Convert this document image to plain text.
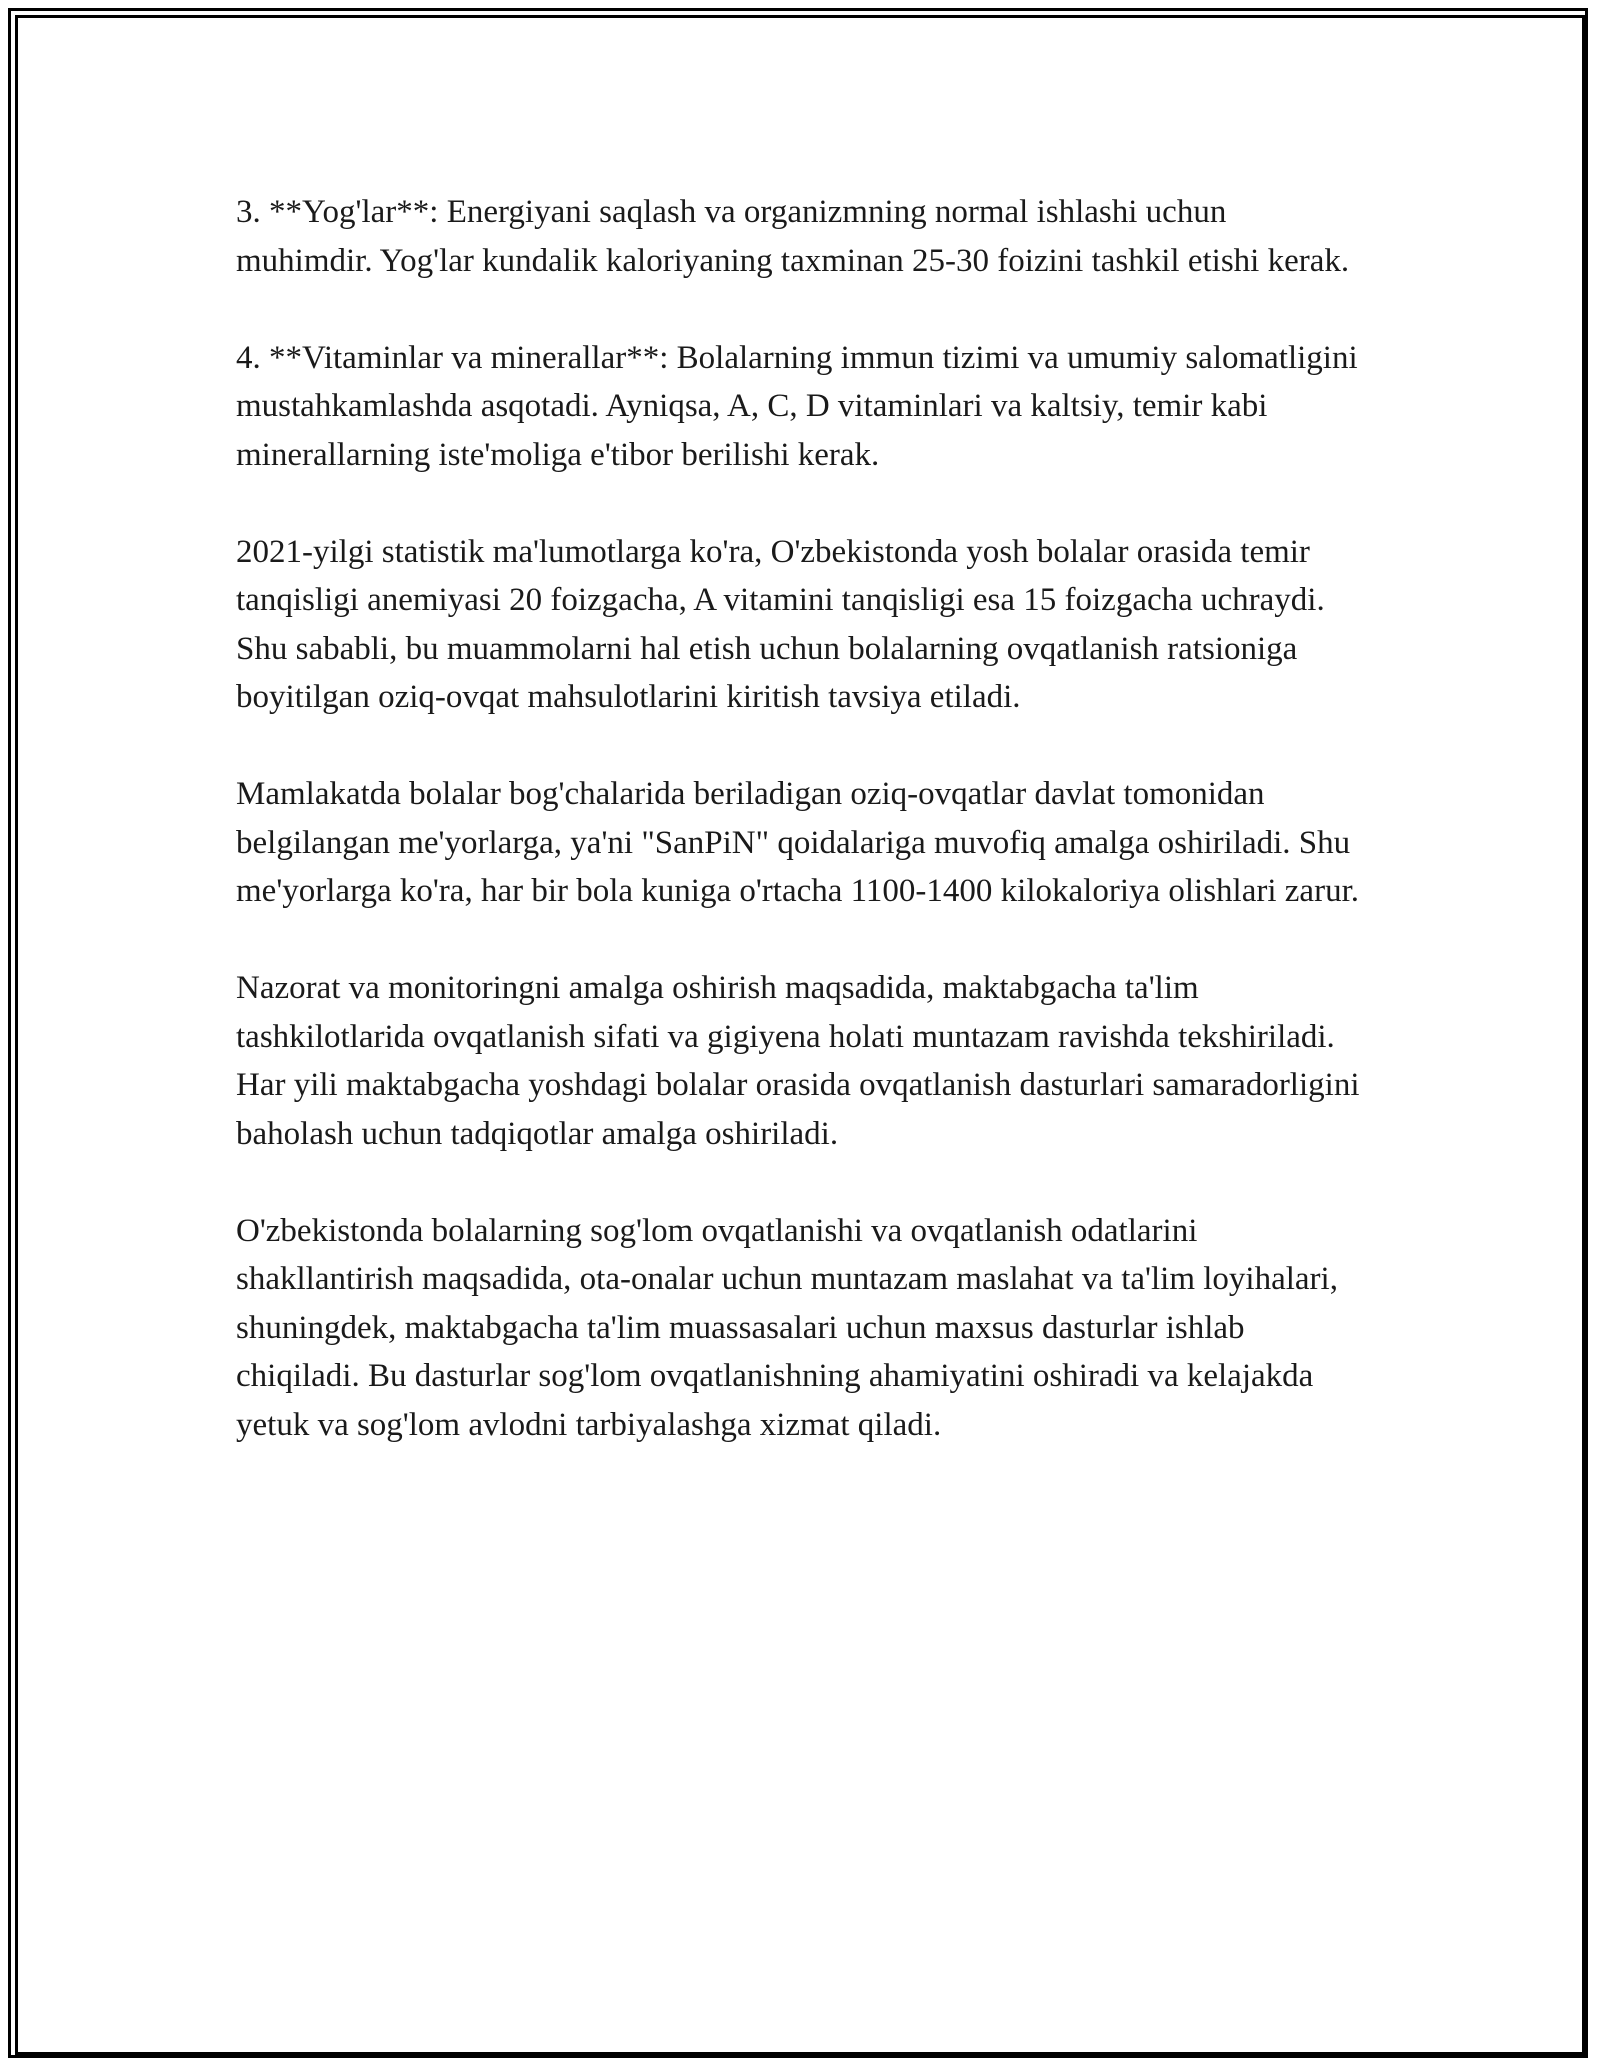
3. **Yog'lar**: Energiyani saqlash va organizmning normal ishlashi uchun muhimdir. Yog'lar kundalik kaloriyaning taxminan 25-30 foizini tashkil etishi kerak.

4. **Vitaminlar va minerallar**: Bolalarning immun tizimi va umumiy salomatligini mustahkamlashda asqotadi. Ayniqsa, A, C, D vitaminlari va kaltsiy, temir kabi minerallarning iste'moliga e'tibor berilishi kerak.

2021-yilgi statistik ma'lumotlarga ko'ra, O'zbekistonda yosh bolalar orasida temir tanqisligi anemiyasi 20 foizgacha, A vitamini tanqisligi esa 15 foizgacha uchraydi. Shu sababli, bu muammolarni hal etish uchun bolalarning ovqatlanish ratsioniga boyitilgan oziq-ovqat mahsulotlarini kiritish tavsiya etiladi.

Mamlakatda bolalar bog'chalarida beriladigan oziq-ovqatlar davlat tomonidan belgilangan me'yorlarga, ya'ni "SanPiN" qoidalariga muvofiq amalga oshiriladi. Shu me'yorlarga ko'ra, har bir bola kuniga o'rtacha 1100-1400 kilokaloriya olishlari zarur.

Nazorat va monitoringni amalga oshirish maqsadida, maktabgacha ta'lim tashkilotlarida ovqatlanish sifati va gigiyena holati muntazam ravishda tekshiriladi. Har yili maktabgacha yoshdagi bolalar orasida ovqatlanish dasturlari samaradorligini baholash uchun tadqiqotlar amalga oshiriladi.

O'zbekistonda bolalarning sog'lom ovqatlanishi va ovqatlanish odatlarini shakllantirish maqsadida, ota-onalar uchun muntazam maslahat va ta'lim loyihalari, shuningdek, maktabgacha ta'lim muassasalari uchun maxsus dasturlar ishlab chiqiladi. Bu dasturlar sog'lom ovqatlanishning ahamiyatini oshiradi va kelajakda yetuk va sog'lom avlodni tarbiyalashga xizmat qiladi.
